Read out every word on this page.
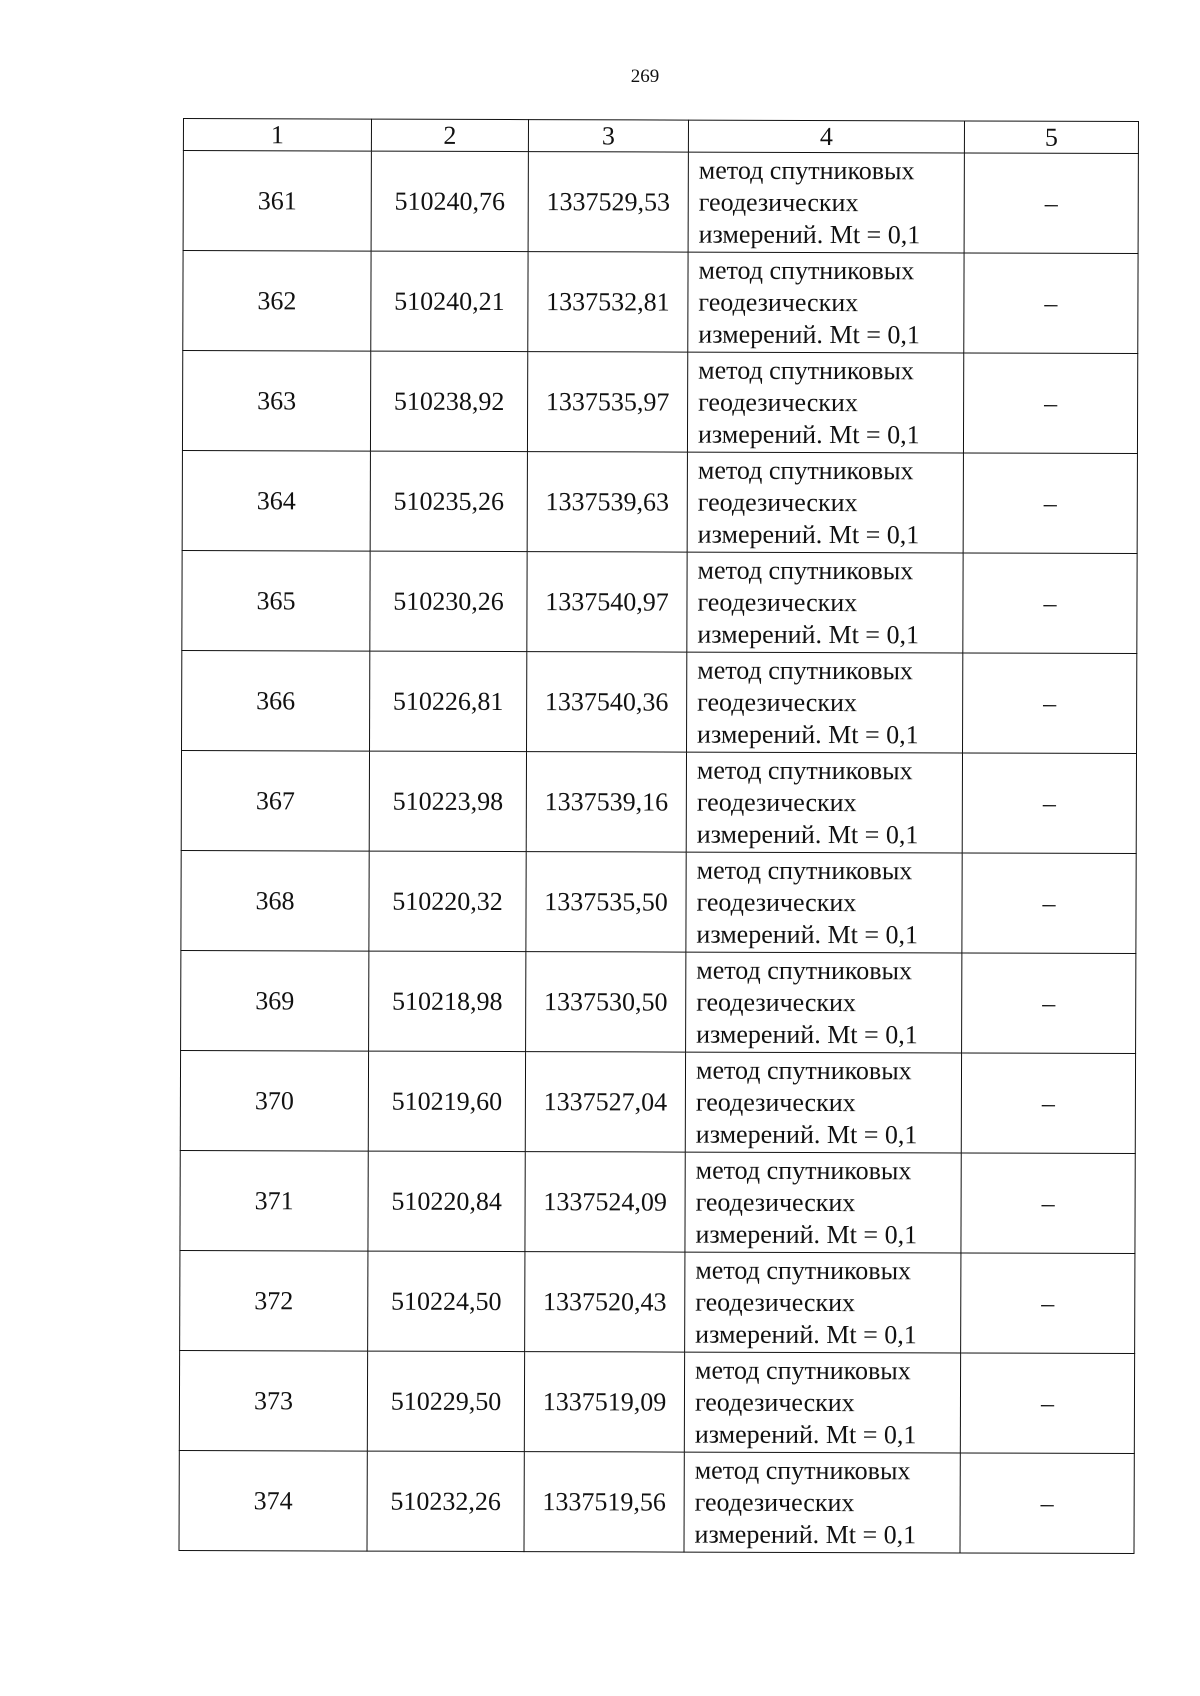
269
1	2	3	4	5
361	510240,76	1337529,53	метод спутниковых
геодезических
измерений. Mt = 0,1	–
362	510240,21	1337532,81	метод спутниковых
геодезических
измерений. Mt = 0,1	–
363	510238,92	1337535,97	метод спутниковых
геодезических
измерений. Mt = 0,1	–
364	510235,26	1337539,63	метод спутниковых
геодезических
измерений. Mt = 0,1	–
365	510230,26	1337540,97	метод спутниковых
геодезических
измерений. Mt = 0,1	–
366	510226,81	1337540,36	метод спутниковых
геодезических
измерений. Mt = 0,1	–
367	510223,98	1337539,16	метод спутниковых
геодезических
измерений. Mt = 0,1	–
368	510220,32	1337535,50	метод спутниковых
геодезических
измерений. Mt = 0,1	–
369	510218,98	1337530,50	метод спутниковых
геодезических
измерений. Mt = 0,1	–
370	510219,60	1337527,04	метод спутниковых
геодезических
измерений. Mt = 0,1	–
371	510220,84	1337524,09	метод спутниковых
геодезических
измерений. Mt = 0,1	–
372	510224,50	1337520,43	метод спутниковых
геодезических
измерений. Mt = 0,1	–
373	510229,50	1337519,09	метод спутниковых
геодезических
измерений. Mt = 0,1	–
374	510232,26	1337519,56	метод спутниковых
геодезических
измерений. Mt = 0,1	–
